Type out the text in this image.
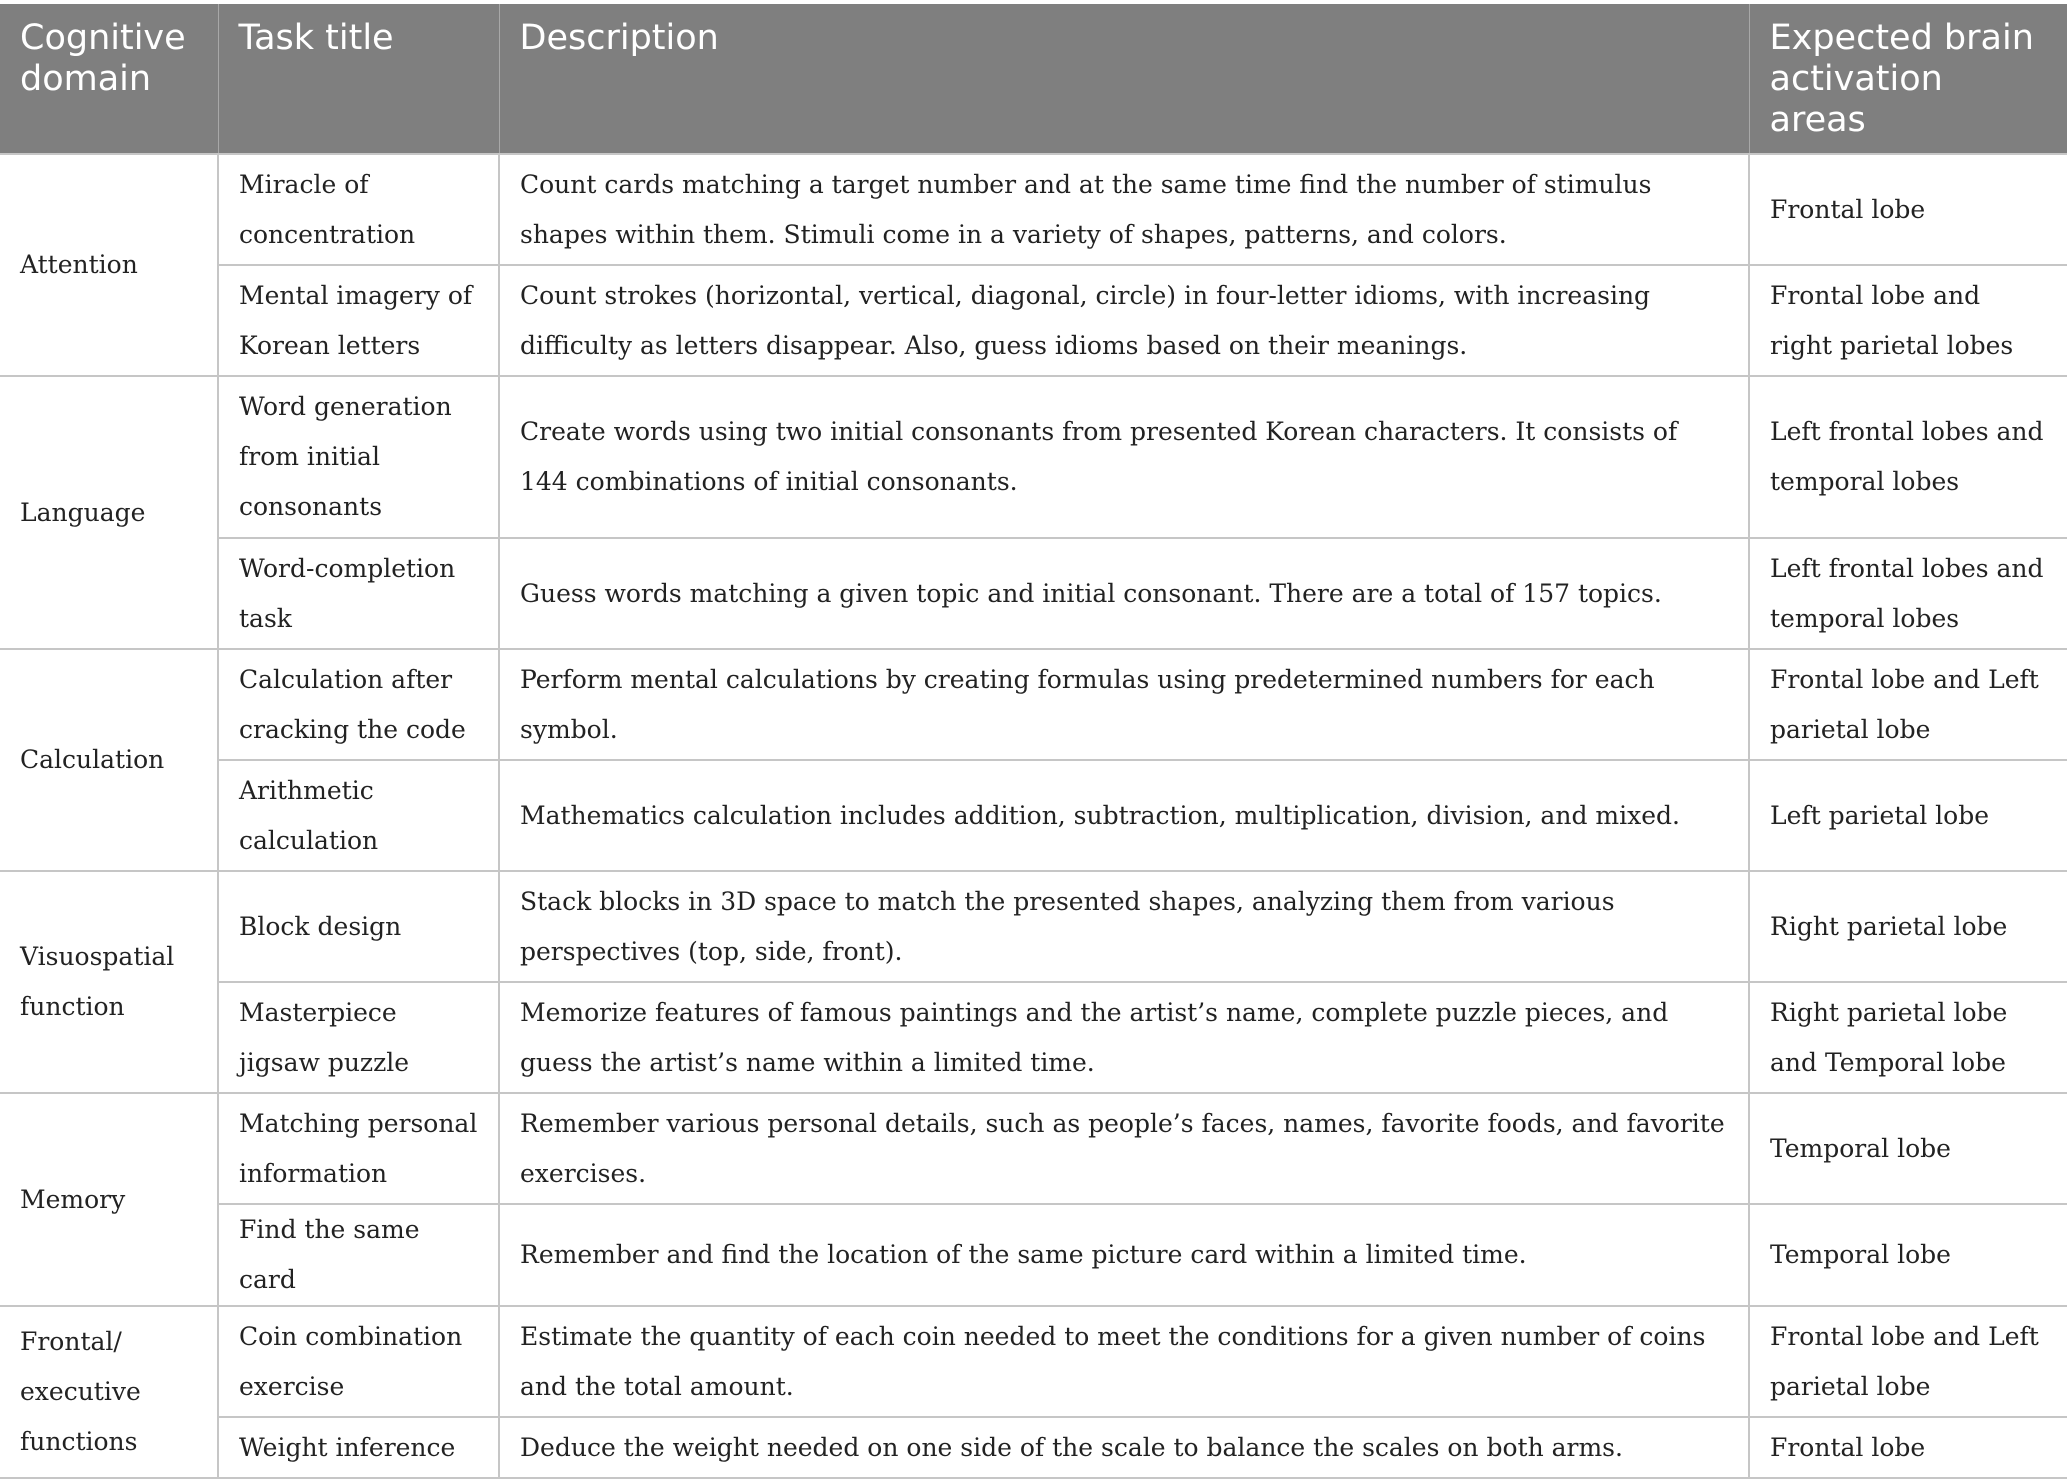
Cognitive domain	Task title	Description	Expected brain activation areas
Attention	Miracle of concentration	Count cards matching a target number and at the same time find the number of stimulus shapes within them. Stimuli come in a variety of shapes, patterns, and colors.	Frontal lobe
	Mental imagery of Korean letters	Count strokes (horizontal, vertical, diagonal, circle) in four-letter idioms, with increasing difficulty as letters disappear. Also, guess idioms based on their meanings.	Frontal lobe and right parietal lobes
Language	Word generation from initial consonants	Create words using two initial consonants from presented Korean characters. It consists of 144 combinations of initial consonants.	Left frontal lobes and temporal lobes
	Word-completion task	Guess words matching a given topic and initial consonant. There are a total of 157 topics.	Left frontal lobes and temporal lobes
Calculation	Calculation after cracking the code	Perform mental calculations by creating formulas using predetermined numbers for each symbol.	Frontal lobe and Left parietal lobe
	Arithmetic calculation	Mathematics calculation includes addition, subtraction, multiplication, division, and mixed.	Left parietal lobe
Visuospatial function	Block design	Stack blocks in 3D space to match the presented shapes, analyzing them from various perspectives (top, side, front).	Right parietal lobe
	Masterpiece jigsaw puzzle	Memorize features of famous paintings and the artist’s name, complete puzzle pieces, and guess the artist’s name within a limited time.	Right parietal lobe and Temporal lobe
Memory	Matching personal information	Remember various personal details, such as people’s faces, names, favorite foods, and favorite exercises.	Temporal lobe
	Find the same card	Remember and find the location of the same picture card within a limited time.	Temporal lobe
Frontal/ executive functions	Coin combination exercise	Estimate the quantity of each coin needed to meet the conditions for a given number of coins and the total amount.	Frontal lobe and Left parietal lobe
	Weight inference	Deduce the weight needed on one side of the scale to balance the scales on both arms.	Frontal lobe
